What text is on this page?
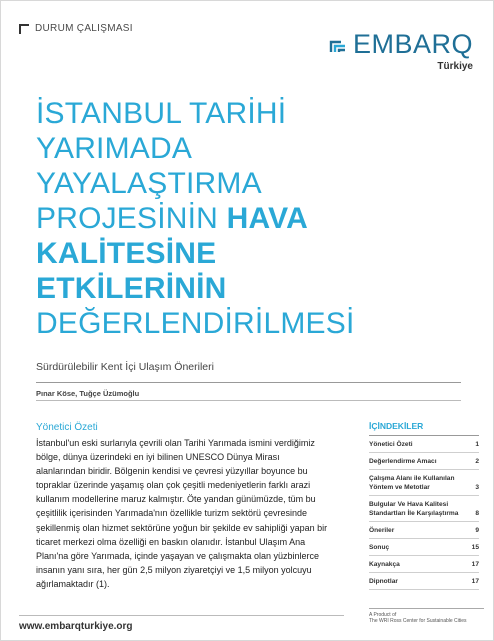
DURUM ÇALIŞMASI
EMBARQ
Türkiye
İSTANBUL TARİHİ
YARIMADA
YAYALAŞTIRMA
PROJESİNİN HAVA
KALİTESİNE
ETKİLERİNİN
DEĞERLENDİRİLMESİ
Sürdürülebilir Kent İçi Ulaşım Önerileri
Pınar Köse, Tuğçe Üzümoğlu
Yönetici Özeti
İstanbul'un eski surlarıyla çevrili olan Tarihi Yarımada ismini verdiğimiz bölge, dünya üzerindeki en iyi bilinen UNESCO Dünya Mirası alanlarından biridir. Bölgenin kendisi ve çevresi yüzyıllar boyunce bu topraklar üzerinde yaşamış olan çok çeşitli medeniyetlerin farklı arazi kullanım modellerine maruz kalmıştır. Öte yandan günümüzde, tüm bu çeşitlilik içerisinden Yarımada'nın özellikle turizm sektörü çevresinde şekillenmiş olan hizmet sektörüne yoğun bir şekilde ev sahipliği yapan bir ticaret merkezi olma özelliği en baskın olanıdır. İstanbul Ulaşım Ana Planı'na göre Yarımada, içinde yaşayan ve çalışmakta olan yüzbinlerce insanın yanı sıra, her gün 2,5 milyon ziyaretçiyi ve 1,5 milyon yolcuyu ağırlamaktadır (1).
İÇİNDEKİLER
Yönetici Özeti	1
Değerlendirme Amacı	2
Çalışma Alanı ile Kullanılan Yöntem ve Metotlar	3
Bulgular Ve Hava Kalitesi Standartları İle Karşılaştırma	8
Öneriler	9
Sonuç	15
Kaynakça	17
Dipnotlar	17
A Product of
The WRI Ross Center for Sustainable Cities
www.embarqturkiye.org
